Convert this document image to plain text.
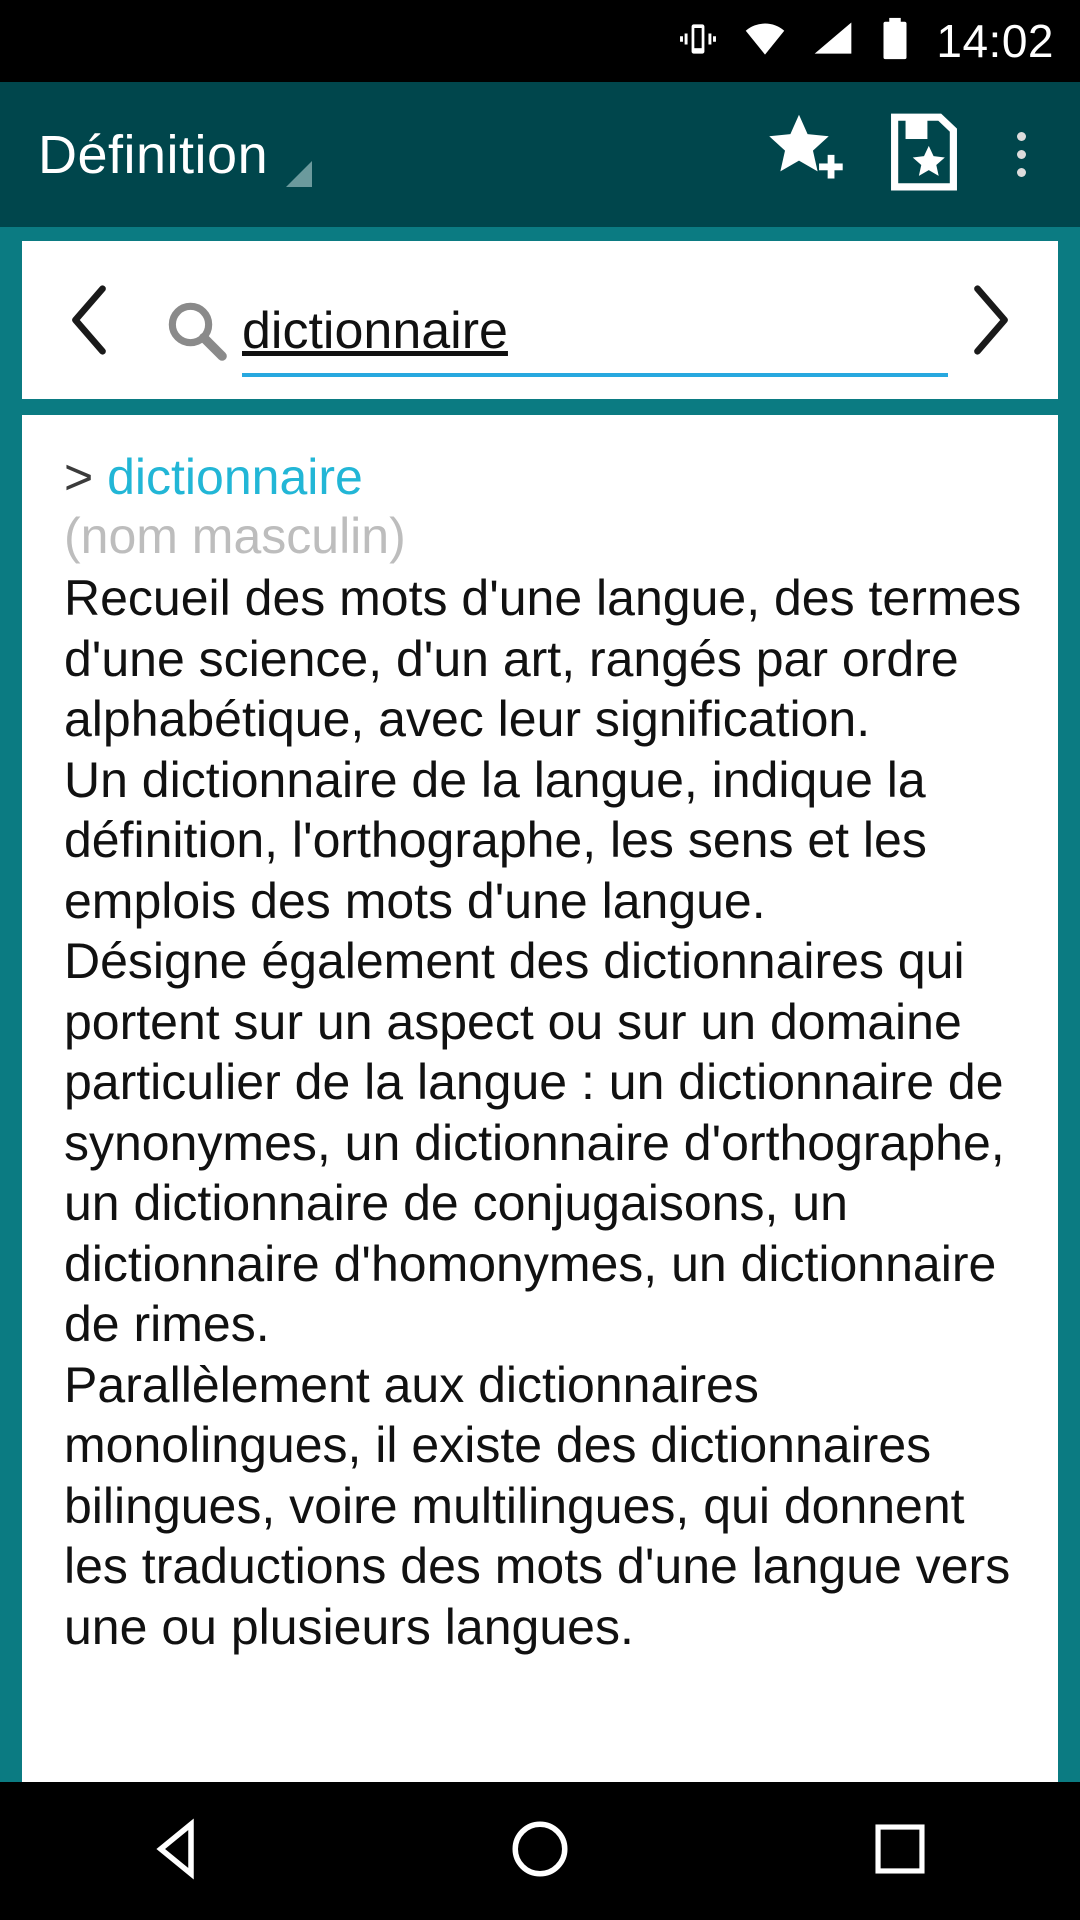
14:02
Définition
dictionnaire
> dictionnaire
(nom masculin)

Recueil des mots d'une langue, des termes d'une science, d'un art, rangés par ordre alphabétique, avec leur signification.

Un dictionnaire de la langue, indique la définition, l'orthographe, les sens et les emplois des mots d'une langue.

Désigne également des dictionnaires qui portent sur un aspect ou sur un domaine particulier de la langue : un dictionnaire de synonymes, un dictionnaire d'orthographe, un dictionnaire de conjugaisons, un dictionnaire d'homonymes, un dictionnaire de rimes.

Parallèlement aux dictionnaires monolingues, il existe des dictionnaires bilingues, voire multilingues, qui donnent les traductions des mots d'une langue vers une ou plusieurs langues.
